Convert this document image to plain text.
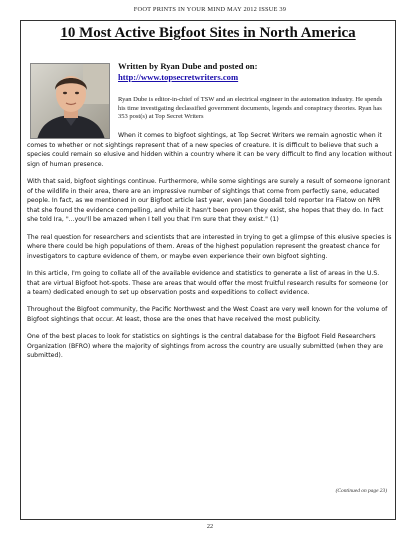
FOOT PRINTS IN YOUR MIND MAY 2012 ISSUE 39
10 Most Active Bigfoot Sites in North America
Written by Ryan Dube and posted on:
http://www.topsecretwriters.com

Ryan Dube is editor-in-chief of TSW and an electrical engineer in the automation industry. He spends his time investigating declassified government documents, legends and conspiracy theories. Ryan has 353 post(s) at Top Secret Writers

When it comes to bigfoot sightings, at Top Secret Writers we remain agnostic when it comes to whether or not sightings represent that of a new species of creature. It is difficult to believe that such a species could remain so elusive and hidden within a country where it can be very difficult to find any location without sign of human presence.

With that said, bigfoot sightings continue. Furthermore, while some sightings are surely a result of someone ignorant of the wildlife in their area, there are an impressive number of sightings that come from perfectly sane, educated people. In fact, as we mentioned in our Bigfoot article last year, even Jane Goodall told reporter Ira Flatow on NPR that she found the evidence compelling, and while it hasn't been proven they exist, she hopes that they do. In fact she told Ira, "...you'll be amazed when I tell you that I'm sure that they exist." (1)

The real question for researchers and scientists that are interested in trying to get a glimpse of this elusive species is where there could be high populations of them. Areas of the highest population represent the greatest chance for investigators to capture evidence of them, or maybe even experience their own bigfoot sighting.

In this article, I'm going to collate all of the available evidence and statistics to generate a list of areas in the U.S. that are virtual Bigfoot hot-spots. These are areas that would offer the most fruitful research results for someone (or a team) dedicated enough to set up observation posts and expeditions to collect evidence.

Throughout the Bigfoot community, the Pacific Northwest and the West Coast are very well known for the volume of Bigfoot sightings that occur. At least, those are the ones that have received the most publicity.

One of the best places to look for statistics on sightings is the central database for the Bigfoot Field Researchers Organization (BFRO) where the majority of sightings from across the country are usually submitted (when they are submitted).

(Continued on page 23)
22
